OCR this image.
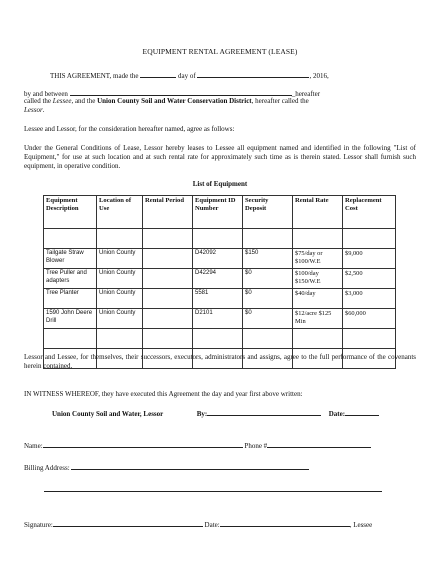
EQUIPMENT RENTAL AGREEMENT (LEASE)
THIS AGREEMENT, made the	day of	, 2016,
by and between	_hereafter
called the Lessee, and the Union County Soil and Water Conservation District, hereafter called the
Lessor.
Lessee and Lessor, for the consideration hereafter named, agree as follows:
Under the General Conditions of Lease, Lessor hereby leases to Lessee all equipment named and identified in the following "List of Equipment," for use at such location and at such rental rate for approximately such time as is therein stated. Lessor shall furnish such equipment, in operative condition.
List of Equipment
Equipment Description	Location of Use	Rental Period	Equipment ID Number	Security Deposit	Rental Rate	Replacement Cost

Tailgate Straw Blower	Union County		D42092	$150	$75/day or $100/W.E	$9,000
Tree Puller and adapters	Union County		D42294	$0	$100/day $150/W.E	$2,500
Tree Planter	Union County		5581	$0	$40/day	$3,000
1590 John Deere Drill	Union County		D2101	$0	$12/acre $125 Min	$60,000

Lessor and Lessee, for themselves, their successors, executors, administrators and assigns, agree to the full performance of the covenants herein contained.
IN WITNESS WHEREOF, they have executed this Agreement the day and year first above written:
Union County Soil and Water, Lessor	By:	Date:
Name:	Phone #
Billing Address:
Signature:	Date:	, Lessee
